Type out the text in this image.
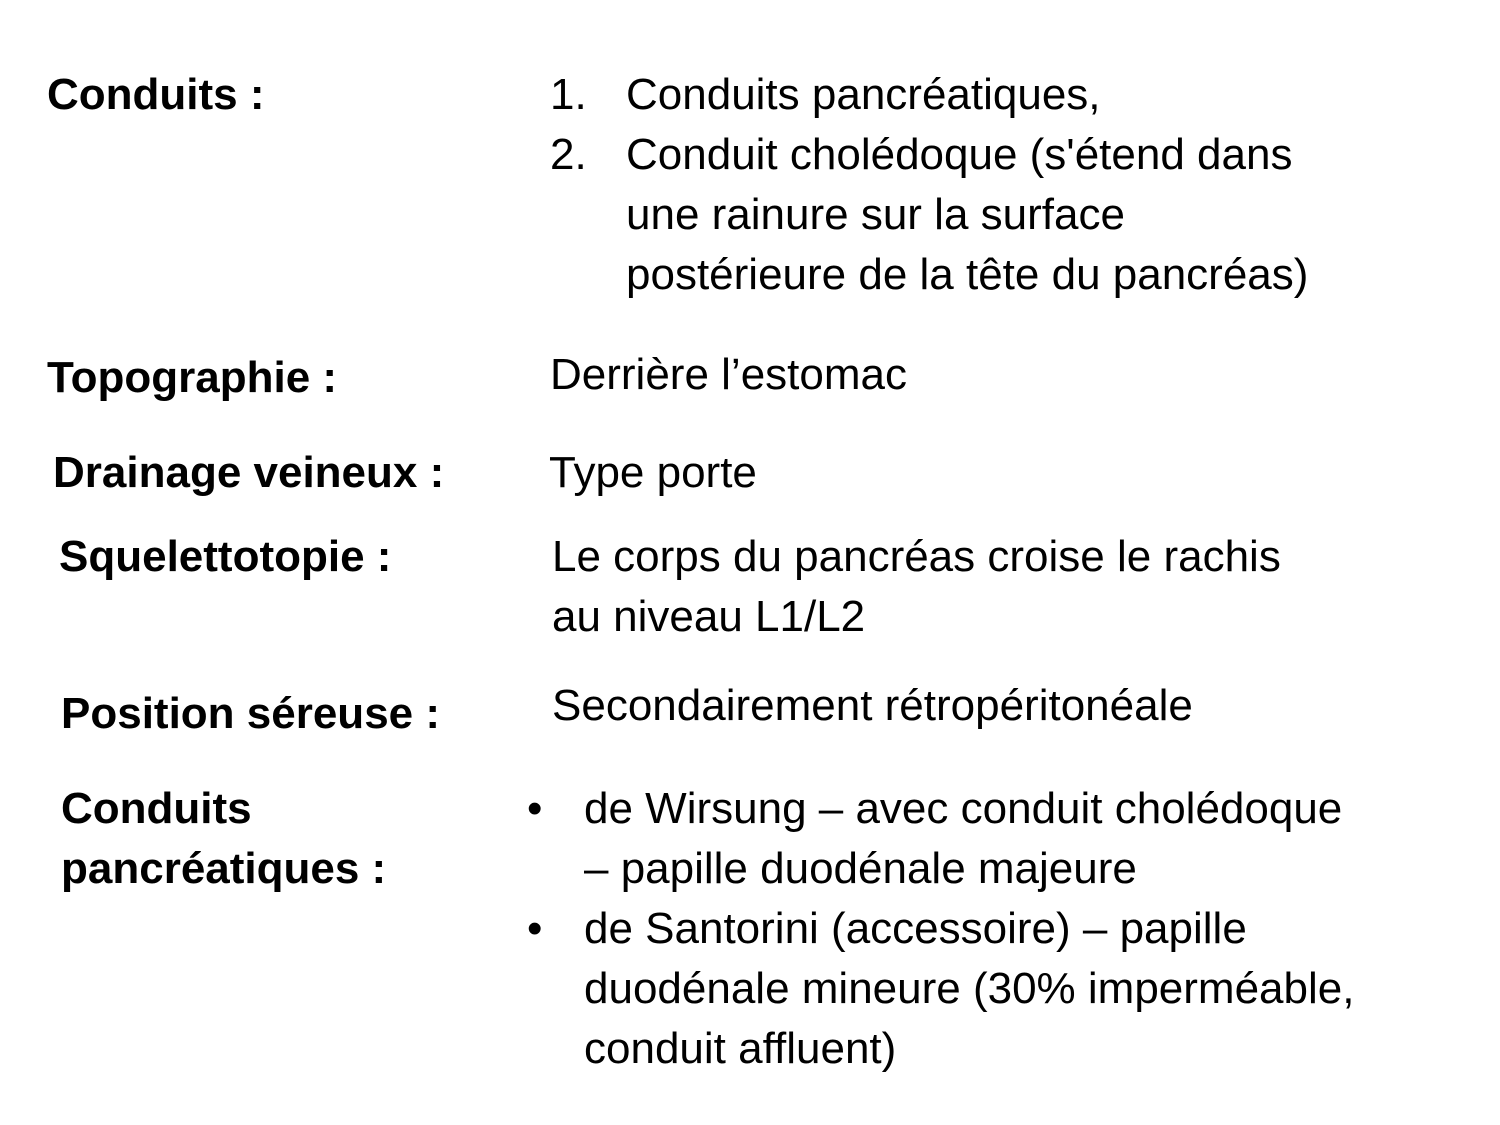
Conduits :	1. Conduits pancréatiques,
2. Conduit cholédoque (s'étend dans
une rainure sur la surface
postérieure de la tête du pancréas)
Topographie :	Derrière l’estomac
Drainage veineux : Type porte
Squelettotopie :	Le corps du pancréas croise le rachis
au niveau L1/L2
Position séreuse :	Secondairement rétropéritonéale
Conduits
pancréatiques :
• de Wirsung – avec conduit cholédoque
– papille duodénale majeure
• de Santorini (accessoire) – papille
duodénale mineure (30% imperméable,
conduit affluent)
